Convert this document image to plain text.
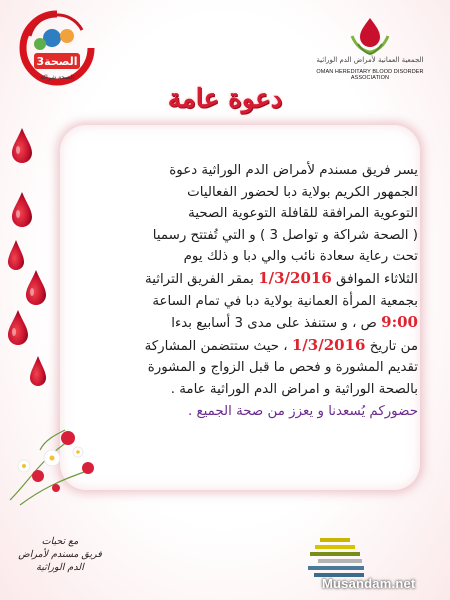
الصحة3
الصحة شراكة
الجمعية العمانية لأمراض الدم الوراثية
OMAN HEREDITARY BLOOD DISORDER ASSOCIATION
دعوة عامة
يسر فريق مسندم لأمراض الدم الوراثية دعوة
الجمهور الكريم بولاية دبا لحضور الفعاليات
التوعوية المرافقة للقافلة التوعوية الصحية
( الصحة شراكة و تواصل 3 ) و التي تُفتتح رسميا
تحت رعاية سعادة نائب والي دبا و ذلك يوم
الثلاثاء الموافق 1/3/2016 بمقر الفريق التراثية
بجمعية المرأة العمانية بولاية دبا في تمام الساعة
9:00 ص ، و ستنفذ على مدى 3 أسابيع بدءا
من تاريخ 1/3/2016 ، حيث ستتضمن المشاركة
تقديم المشورة و فحص ما قبل الزواج و المشورة
بالصحة الوراثية و امراض الدم الوراثية عامة .
حضوركم يُسعدنا و يعزز من صحة الجميع .
مع تحيات
فريق مسندم لأمراض
الدم الوراثية
Musandam.net
